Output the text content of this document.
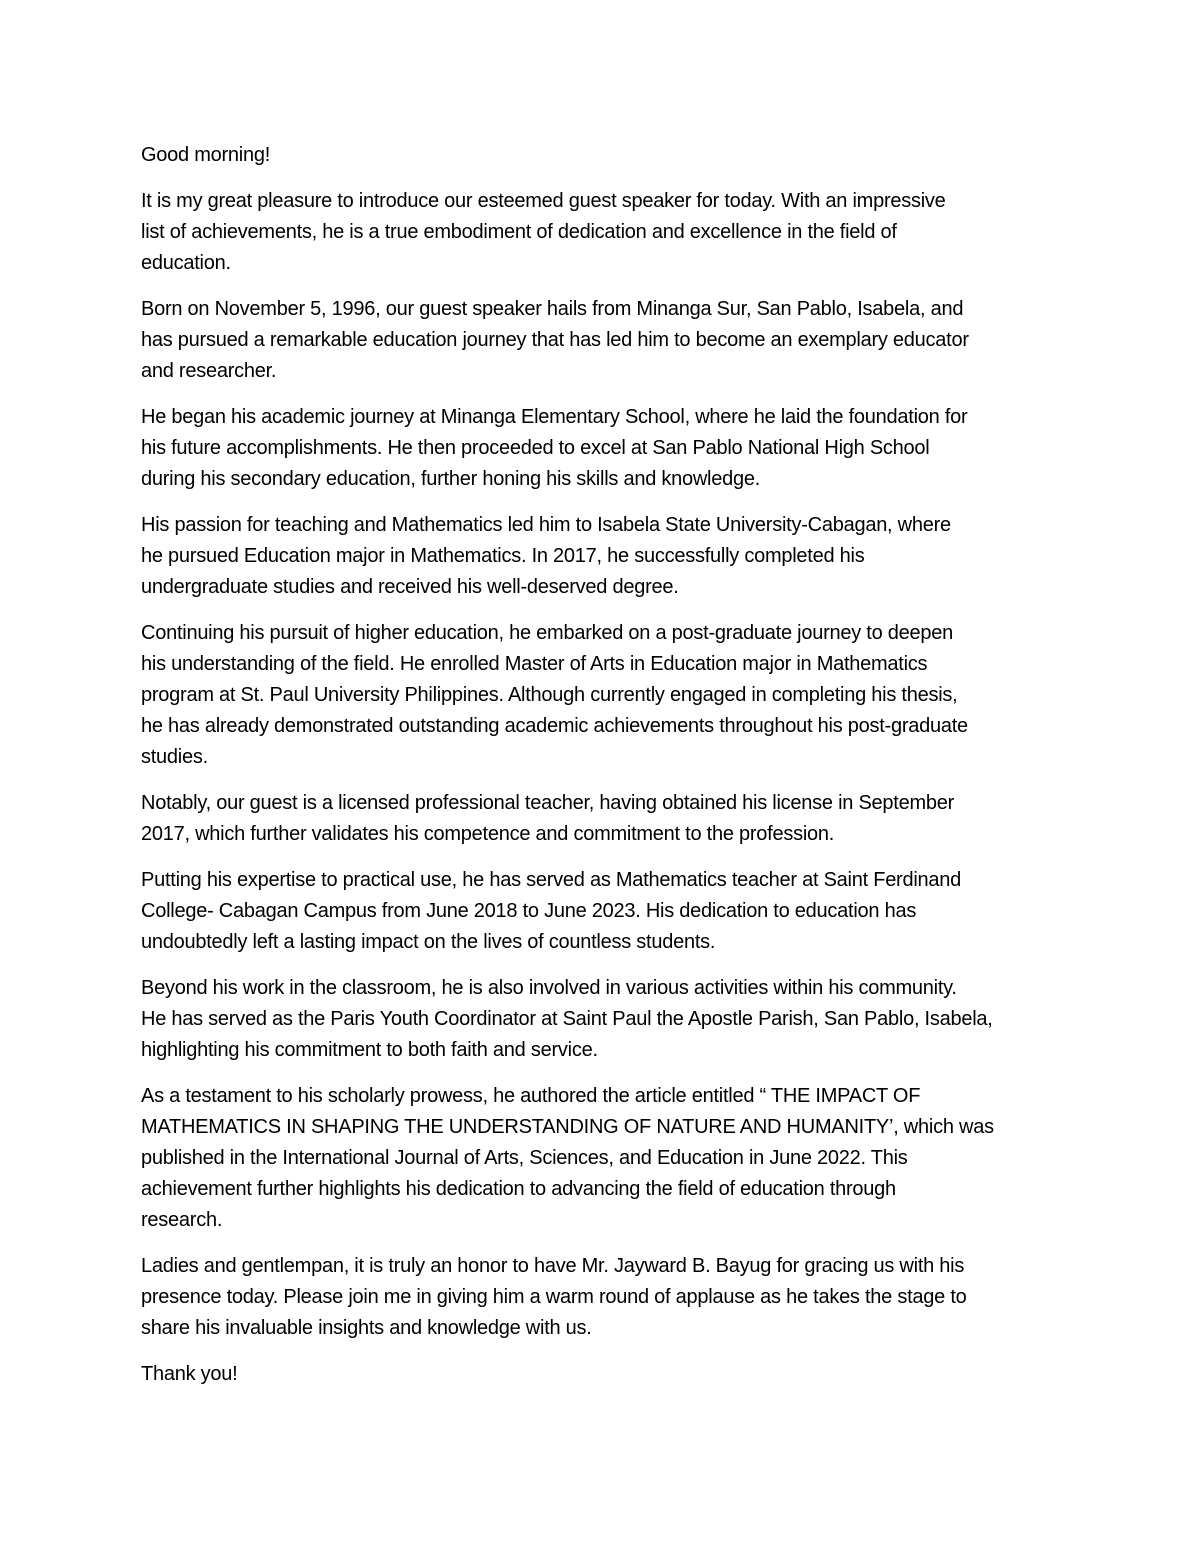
Good morning!

It is my great pleasure to introduce our esteemed guest speaker for today. With an impressive
list of achievements, he is a true embodiment of dedication and excellence in the field of
education.

Born on November 5, 1996, our guest speaker hails from Minanga Sur, San Pablo, Isabela, and
has pursued a remarkable education journey that has led him to become an exemplary educator
and researcher.

He began his academic journey at Minanga Elementary School, where he laid the foundation for
his future accomplishments. He then proceeded to excel at San Pablo National High School
during his secondary education, further honing his skills and knowledge.

His passion for teaching and Mathematics led him to Isabela State University-Cabagan, where
he pursued Education major in Mathematics. In 2017, he successfully completed his
undergraduate studies and received his well-deserved degree.

Continuing his pursuit of higher education, he embarked on a post-graduate journey to deepen
his understanding of the field. He enrolled Master of Arts in Education major in Mathematics
program at St. Paul University Philippines. Although currently engaged in completing his thesis,
he has already demonstrated outstanding academic achievements throughout his post-graduate
studies.

Notably, our guest is a licensed professional teacher, having obtained his license in September
2017, which further validates his competence and commitment to the profession.

Putting his expertise to practical use, he has served as Mathematics teacher at Saint Ferdinand
College- Cabagan Campus from June 2018 to June 2023. His dedication to education has
undoubtedly left a lasting impact on the lives of countless students.

Beyond his work in the classroom, he is also involved in various activities within his community.
He has served as the Paris Youth Coordinator at Saint Paul the Apostle Parish, San Pablo, Isabela,
highlighting his commitment to both faith and service.

As a testament to his scholarly prowess, he authored the article entitled “ THE IMPACT OF
MATHEMATICS IN SHAPING THE UNDERSTANDING OF NATURE AND HUMANITY’, which was
published in the International Journal of Arts, Sciences, and Education in June 2022. This
achievement further highlights his dedication to advancing the field of education through
research.

Ladies and gentlempan, it is truly an honor to have Mr. Jayward B. Bayug for gracing us with his
presence today. Please join me in giving him a warm round of applause as he takes the stage to
share his invaluable insights and knowledge with us.

Thank you!
